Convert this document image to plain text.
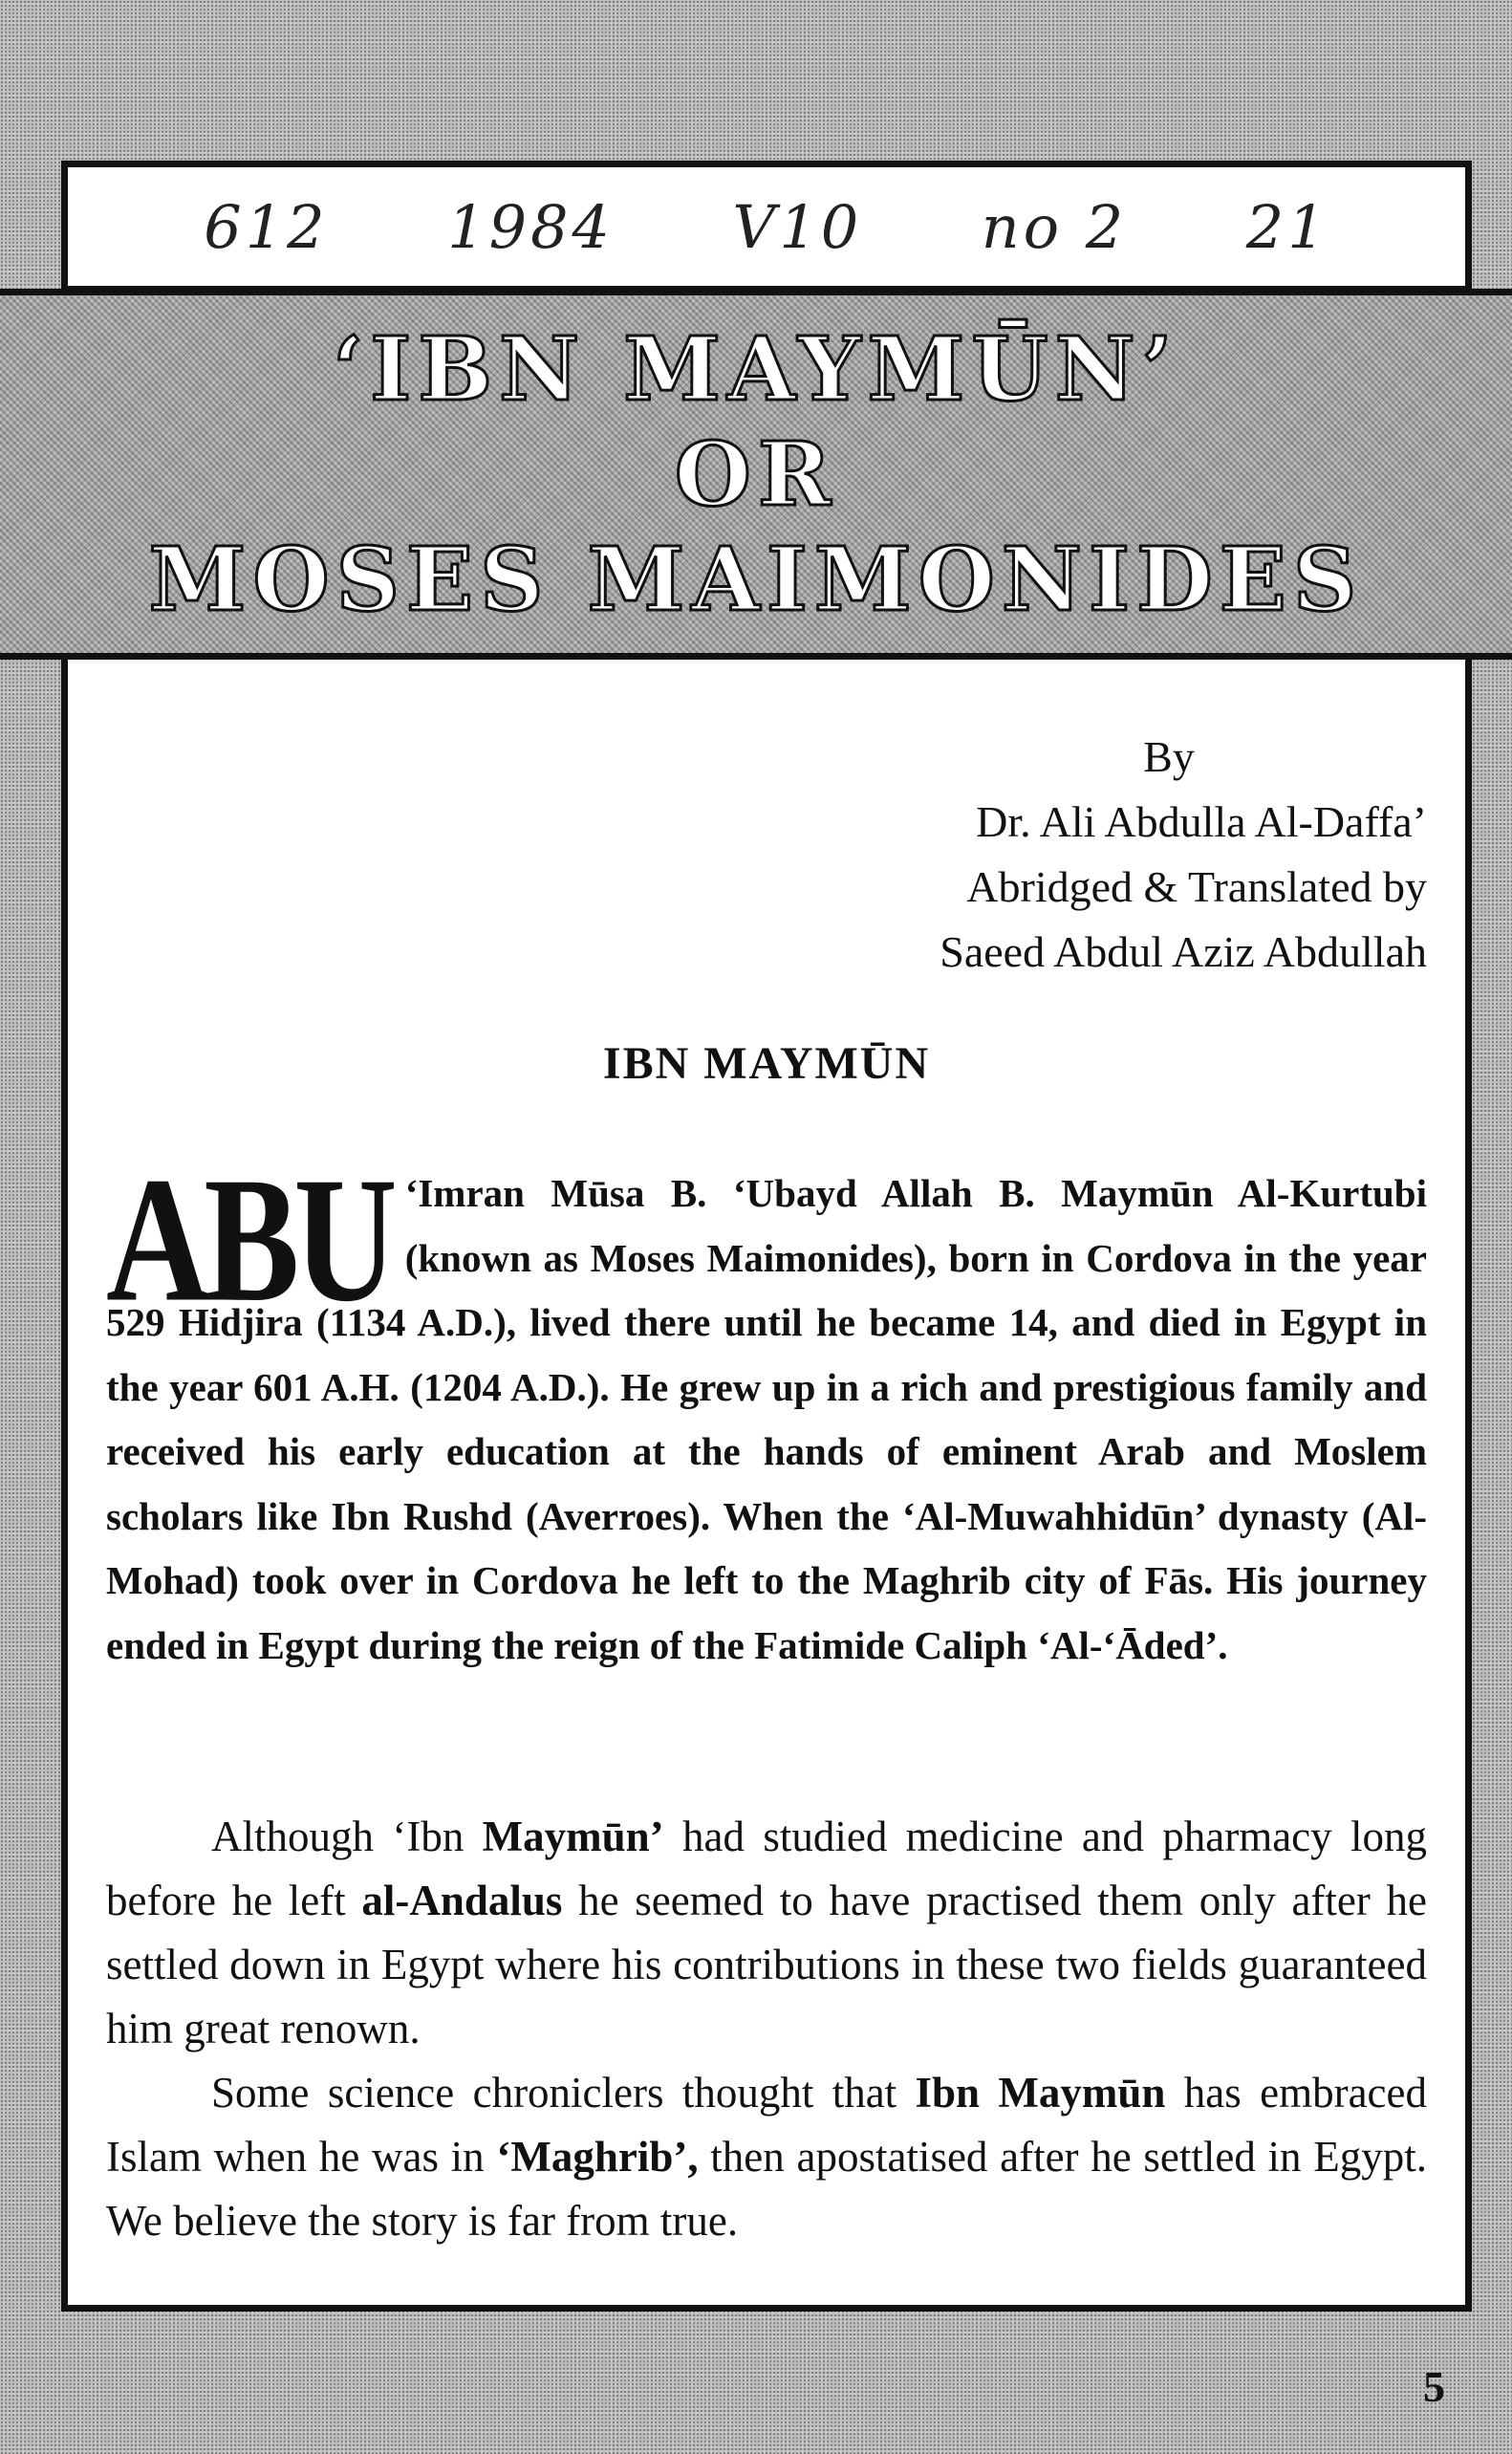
612 1984 V10 no 2 21
‘IBN MAYMŪN’
OR
MOSES MAIMONIDES
By
Dr. Ali Abdulla Al-Daffa’
Abridged & Translated by
Saeed Abdul Aziz Abdullah
IBN MAYMŪN
ABU ‘Imran Mūsa B. ‘Ubayd Allah B. Maymūn Al-Kurtubi (known as Moses Maimonides), born in Cordova in the year 529 Hidjira (1134 A.D.), lived there until he became 14, and died in Egypt in the year 601 A.H. (1204 A.D.). He grew up in a rich and prestigious family and received his early education at the hands of eminent Arab and Moslem scholars like Ibn Rushd (Averroes). When the ‘Al-Muwahhidūn’ dynasty (Al-Mohad) took over in Cordova he left to the Maghrib city of Fās. His journey ended in Egypt during the reign of the Fatimide Caliph ‘Al-‘Āded’.
Although ‘Ibn Maymūn’ had studied medicine and pharmacy long before he left al-Andalus he seemed to have practised them only after he settled down in Egypt where his contributions in these two fields guaranteed him great renown.
Some science chroniclers thought that Ibn Maymūn has embraced Islam when he was in ‘Maghrib’, then apostatised after he settled in Egypt. We believe the story is far from true.
5
